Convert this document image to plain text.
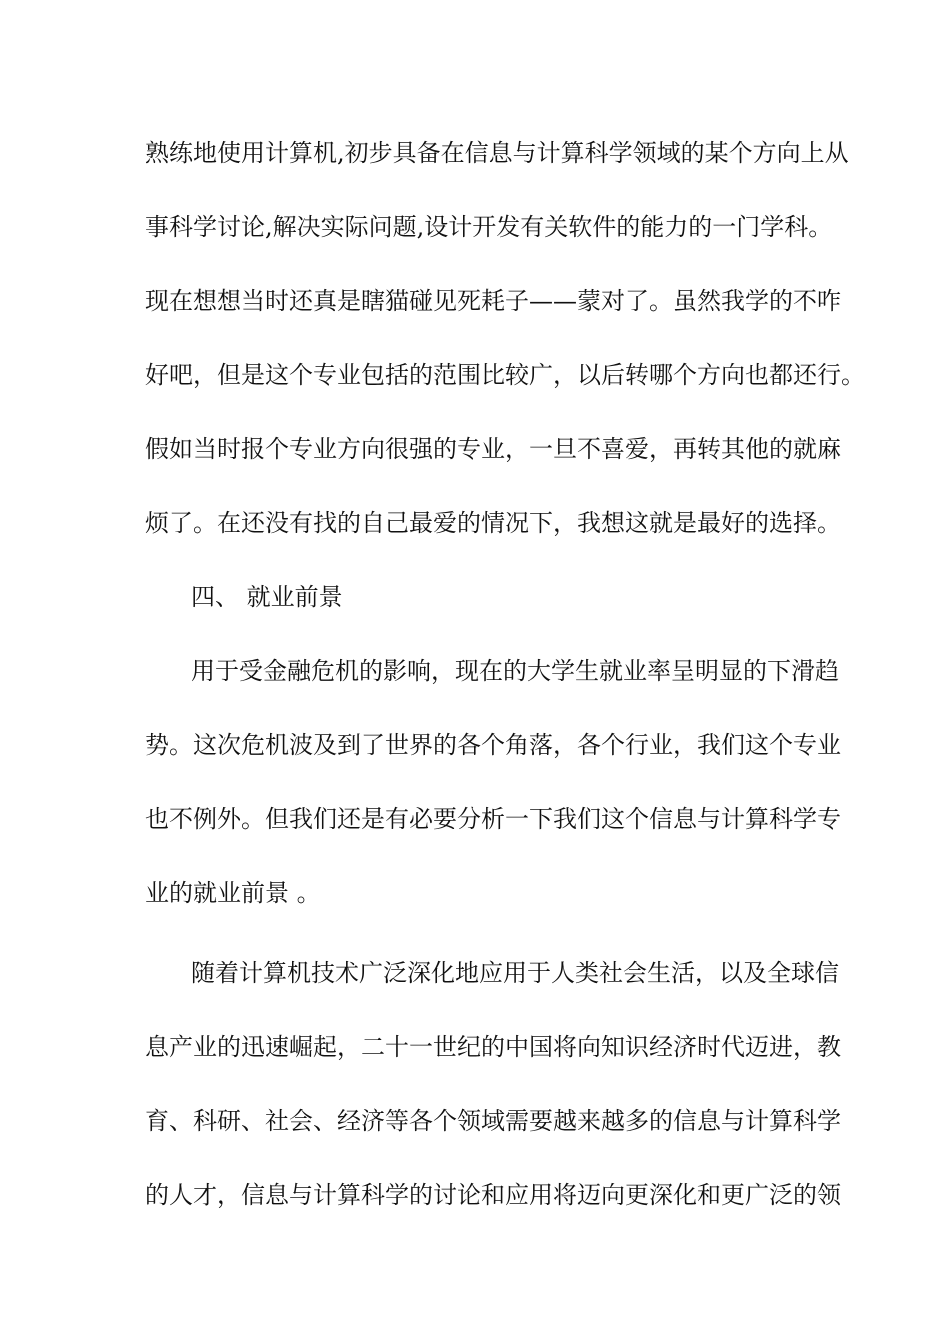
熟练地使用计算机,初步具备在信息与计算科学领域的某个方向上从
事科学讨论,解决实际问题,设计开发有关软件的能力的一门学科。
现在想想当时还真是瞎猫碰见死耗子——蒙对了。虽然我学的不咋
好吧，但是这个专业包括的范围比较广，以后转哪个方向也都还行。
假如当时报个专业方向很强的专业，一旦不喜爱，再转其他的就麻
烦了。在还没有找的自己最爱的情况下，我想这就是最好的选择。
四、 就业前景
用于受金融危机的影响，现在的大学生就业率呈明显的下滑趋
势。这次危机波及到了世界的各个角落，各个行业，我们这个专业
也不例外。但我们还是有必要分析一下我们这个信息与计算科学专
业的就业前景 。
随着计算机技术广泛深化地应用于人类社会生活，以及全球信
息产业的迅速崛起，二十一世纪的中国将向知识经济时代迈进，教
育、科研、社会、经济等各个领域需要越来越多的信息与计算科学
的人才，信息与计算科学的讨论和应用将迈向更深化和更广泛的领
